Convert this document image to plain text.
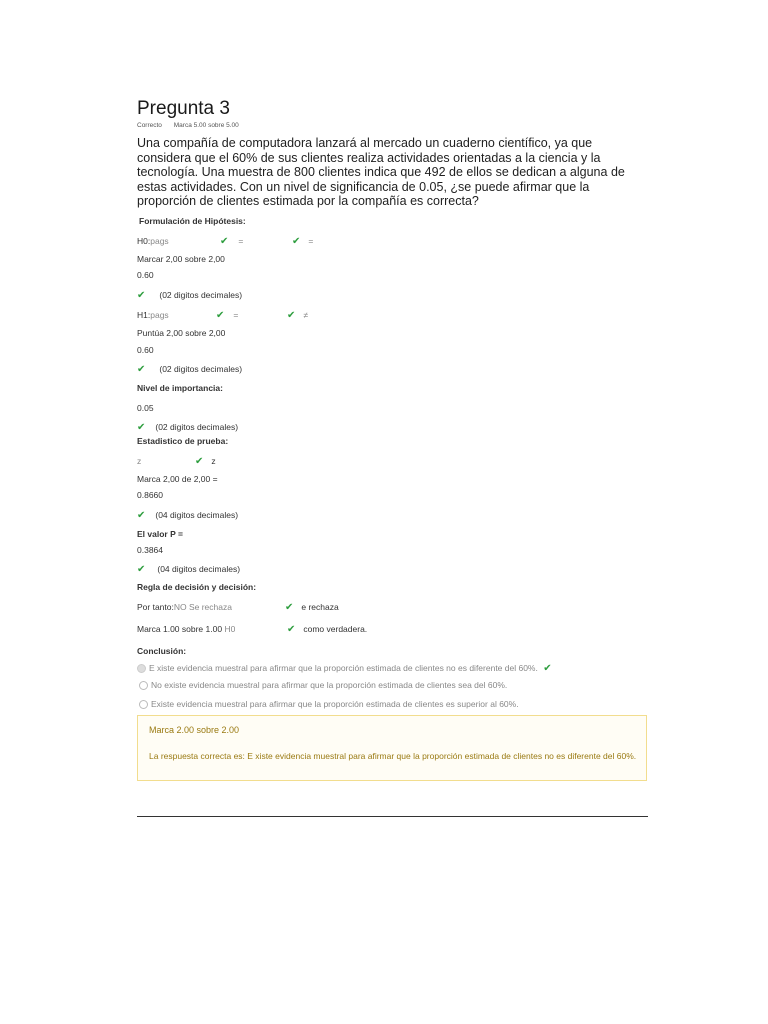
Pregunta 3
Correcto Marca 5.00 sobre 5.00
Una compañía de computadora lanzará al mercado un cuaderno científico, ya que considera que el 60% de sus clientes realiza actividades orientadas a la ciencia y la tecnología. Una muestra de 800 clientes indica que 492 de ellos se dedican a alguna de estas actividades. Con un nivel de significancia de 0.05, ¿se puede afirmar que la proporción de clientes estimada por la compañía es correcta?
Formulación de Hipótesis:
H0:pags	✔ =	✔ =
Marcar 2,00 sobre 2,00
0.60
✔ (02 digitos decimales)
H1:pags	✔ =	✔ ≠
Puntúa 2,00 sobre 2,00
0.60
✔ (02 digitos decimales)
Nivel de importancia:
0.05
✔ (02 digitos decimales)
Estadistico de prueba:
z	✔ z
Marca 2,00 de 2,00 =
0.8660
✔ (04 digitos decimales)
El valor P =
0.3864
✔ (04 digitos decimales)
Regla de decisión y decisión:
Por tanto:NO Se rechaza	✔ e rechaza
Marca 1.00 sobre 1.00 H0	✔ como verdadera.
Conclusión:
E xiste evidencia muestral para afirmar que la proporción estimada de clientes no es diferente del 60%. ✔
No existe evidencia muestral para afirmar que la proporción estimada de clientes sea del 60%.
Existe evidencia muestral para afirmar que la proporción estimada de clientes es superior al 60%.
Marca 2.00 sobre 2.00
La respuesta correcta es: E xiste evidencia muestral para afirmar que la proporción estimada de clientes no es diferente del 60%.
